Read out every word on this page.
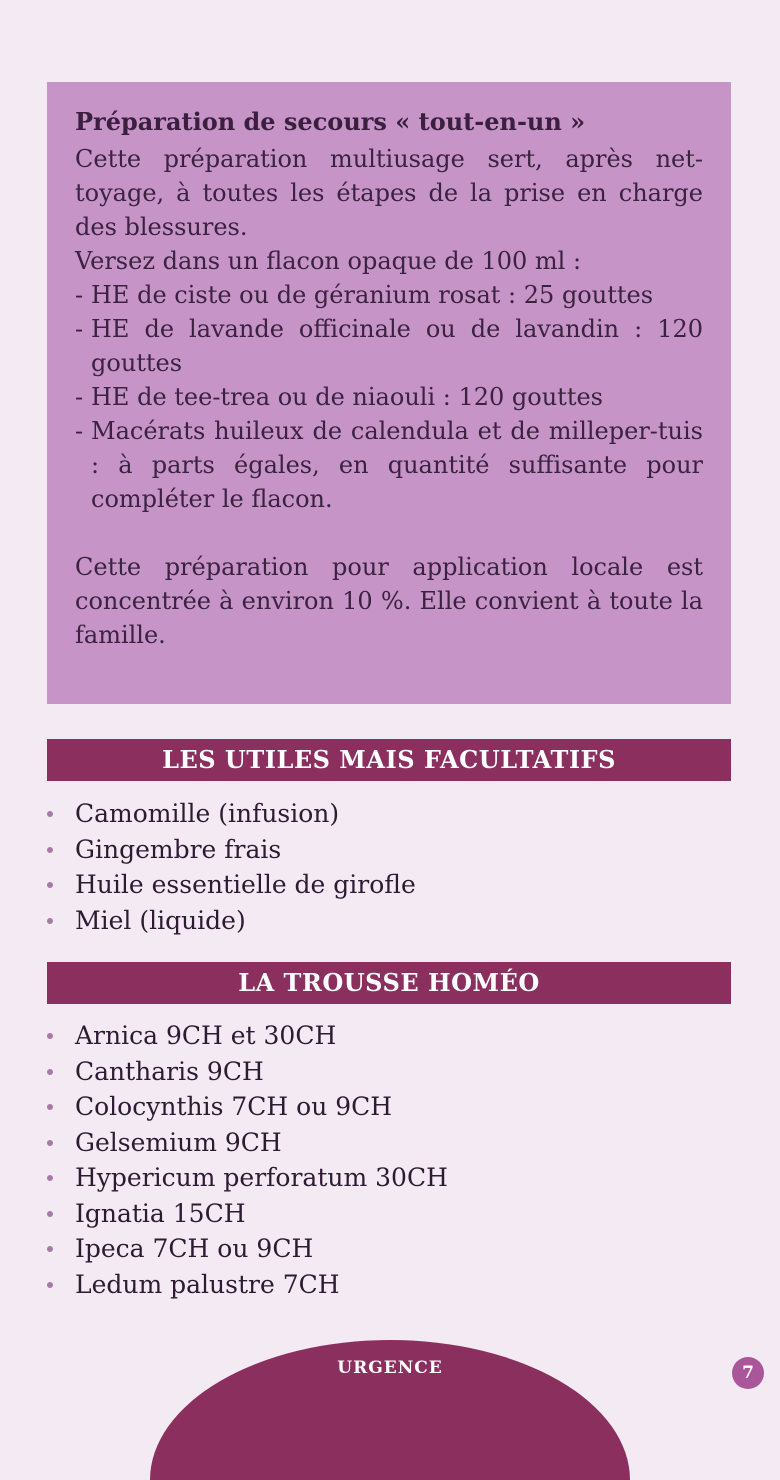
Préparation de secours « tout-en-un »

Cette préparation multiusage sert, après net-toyage, à toutes les étapes de la prise en charge des blessures.

Versez dans un flacon opaque de 100 ml :

- HE de ciste ou de géranium rosat : 25 gouttes
- HE de lavande officinale ou de lavandin : 120 gouttes
- HE de tee-trea ou de niaouli : 120 gouttes
- Macérats huileux de calendula et de milleper-tuis : à parts égales, en quantité suffisante pour compléter le flacon.

Cette préparation pour application locale est concentrée à environ 10 %. Elle convient à toute la famille.

LES UTILES MAIS FACULTATIFS
Camomille (infusion)
Gingembre frais
Huile essentielle de girofle
Miel (liquide)
LA TROUSSE HOMÉO
Arnica 9CH et 30CH
Cantharis 9CH
Colocynthis 7CH ou 9CH
Gelsemium 9CH
Hypericum perforatum 30CH
Ignatia 15CH
Ipeca 7CH ou 9CH
Ledum palustre 7CH
URGENCE	7
